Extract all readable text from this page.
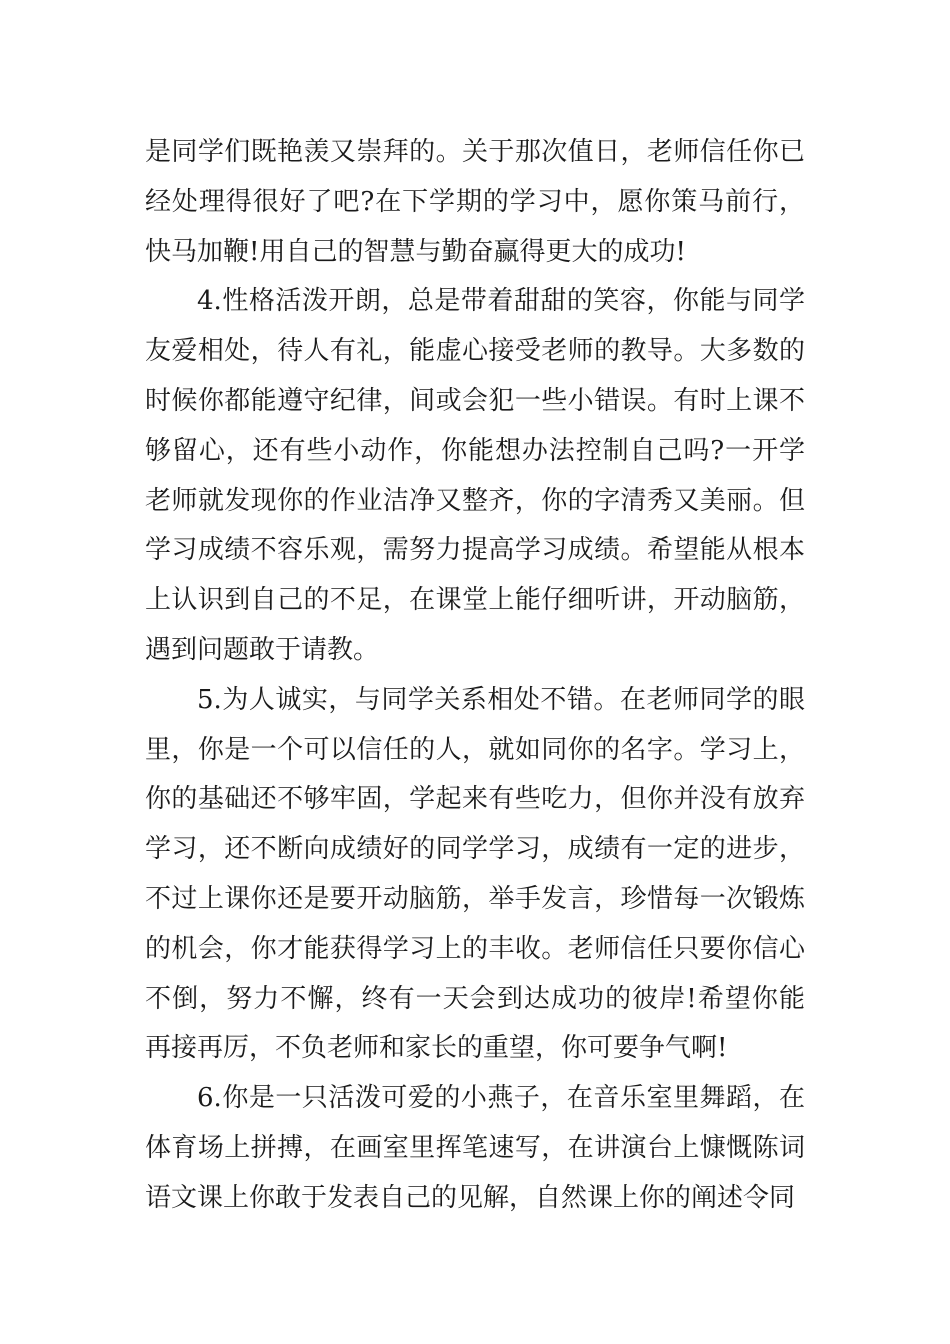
是同学们既艳羡又崇拜的。关于那次值日，老师信任你已经处理得很好了吧?在下学期的学习中，愿你策马前行，快马加鞭!用自己的智慧与勤奋赢得更大的成功!

4.性格活泼开朗，总是带着甜甜的笑容，你能与同学友爱相处，待人有礼，能虚心接受老师的教导。大多数的时候你都能遵守纪律，间或会犯一些小错误。有时上课不够留心，还有些小动作，你能想办法控制自己吗?一开学老师就发现你的作业洁净又整齐，你的字清秀又美丽。但学习成绩不容乐观，需努力提高学习成绩。希望能从根本上认识到自己的不足，在课堂上能仔细听讲，开动脑筋，遇到问题敢于请教。

5.为人诚实，与同学关系相处不错。在老师同学的眼里，你是一个可以信任的人，就如同你的名字。学习上，你的基础还不够牢固，学起来有些吃力，但你并没有放弃学习，还不断向成绩好的同学学习，成绩有一定的进步，不过上课你还是要开动脑筋，举手发言，珍惜每一次锻炼的机会，你才能获得学习上的丰收。老师信任只要你信心不倒，努力不懈，终有一天会到达成功的彼岸!希望你能再接再厉，不负老师和家长的重望，你可要争气啊!

6.你是一只活泼可爱的小燕子，在音乐室里舞蹈，在体育场上拼搏，在画室里挥笔速写，在讲演台上慷慨陈词语文课上你敢于发表自己的见解，自然课上你的阐述令同
